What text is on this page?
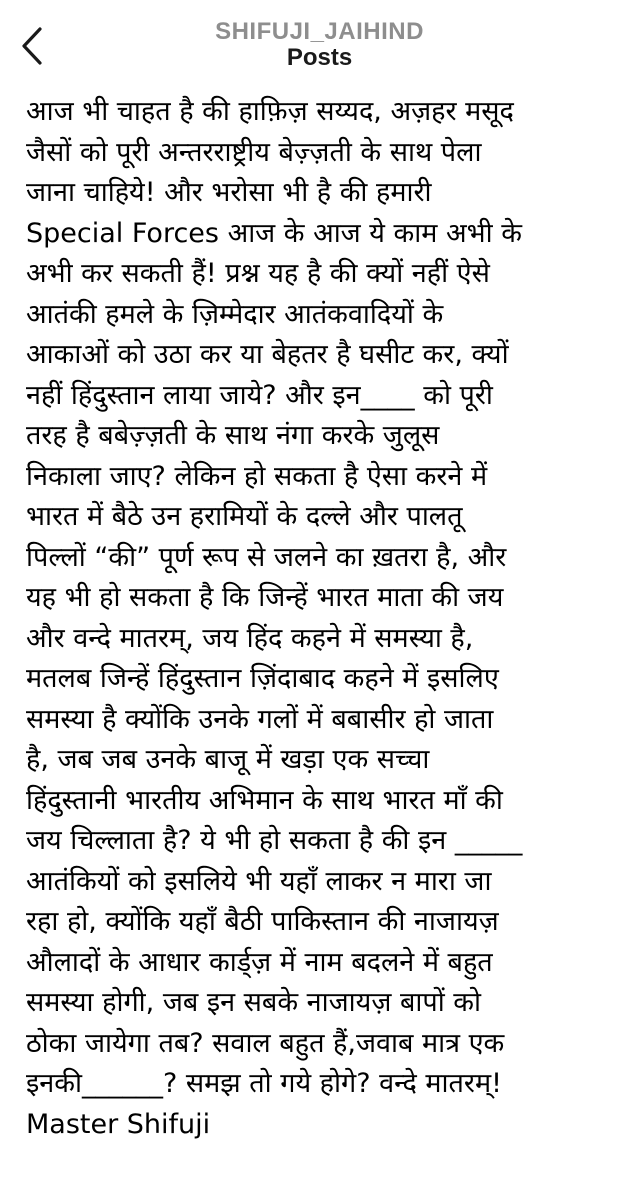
SHIFUJI_JAIHIND
Posts
आज भी चाहत है की हाफ़िज़ सय्यद, अज़हर मसूद
जैसों को पूरी अन्तरराष्ट्रीय बेज़्ज़ती के साथ पेला
जाना चाहिये! और भरोसा भी है की हमारी
Special Forces आज के आज ये काम अभी के
अभी कर सकती हैं! प्रश्न यह है की क्यों नहीं ऐसे
आतंकी हमले के ज़िम्मेदार आतंकवादियों के
आकाओं को उठा कर या बेहतर है घसीट कर, क्यों
नहीं हिंदुस्तान लाया जाये? और इन____ को पूरी
तरह है बबेज़्ज़ती के साथ नंगा करके जुलूस
निकाला जाए? लेकिन हो सकता है ऐसा करने में
भारत में बैठे उन हरामियों के दल्ले और पालतू
पिल्लों “की” पूर्ण रूप से जलने का ख़तरा है, और
यह भी हो सकता है कि जिन्हें भारत माता की जय
और वन्दे मातरम्, जय हिंद कहने में समस्या है,
मतलब जिन्हें हिंदुस्तान ज़िंदाबाद कहने में इसलिए
समस्या है क्योंकि उनके गलों में बबासीर हो जाता
है, जब जब उनके बाजू में खड़ा एक सच्चा
हिंदुस्तानी भारतीय अभिमान के साथ भारत माँ की
जय चिल्लाता है? ये भी हो सकता है की इन _____
आतंकियों को इसलिये भी यहाँ लाकर न मारा जा
रहा हो, क्योंकि यहाँ बैठी पाकिस्तान की नाजायज़
औलादों के आधार कार्ड्ज़ में नाम बदलने में बहुत
समस्या होगी, जब इन सबके नाजायज़ बापों को
ठोका जायेगा तब? सवाल बहुत हैं,जवाब मात्र एक
इनकी______? समझ तो गये होगे? वन्दे मातरम्!
Master Shifuji
